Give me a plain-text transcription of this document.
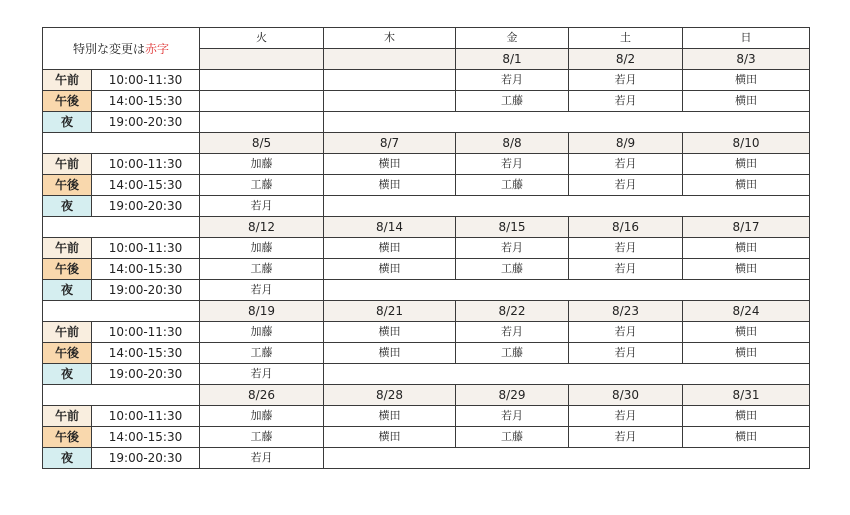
特別な変更は赤字		火	木	金	土	日
				8/1	8/2	8/3
午前	10:00-11:30			若月	若月	横田
午後	14:00-15:30			工藤	若月	横田
夜	19:00-20:30					
		8/5	8/7	8/8	8/9	8/10
午前	10:00-11:30	加藤	横田	若月	若月	横田
午後	14:00-15:30	工藤	横田	工藤	若月	横田
夜	19:00-20:30	若月				
		8/12	8/14	8/15	8/16	8/17
午前	10:00-11:30	加藤	横田	若月	若月	横田
午後	14:00-15:30	工藤	横田	工藤	若月	横田
夜	19:00-20:30	若月				
		8/19	8/21	8/22	8/23	8/24
午前	10:00-11:30	加藤	横田	若月	若月	横田
午後	14:00-15:30	工藤	横田	工藤	若月	横田
夜	19:00-20:30	若月				
		8/26	8/28	8/29	8/30	8/31
午前	10:00-11:30	加藤	横田	若月	若月	横田
午後	14:00-15:30	工藤	横田	工藤	若月	横田
夜	19:00-20:30	若月				
